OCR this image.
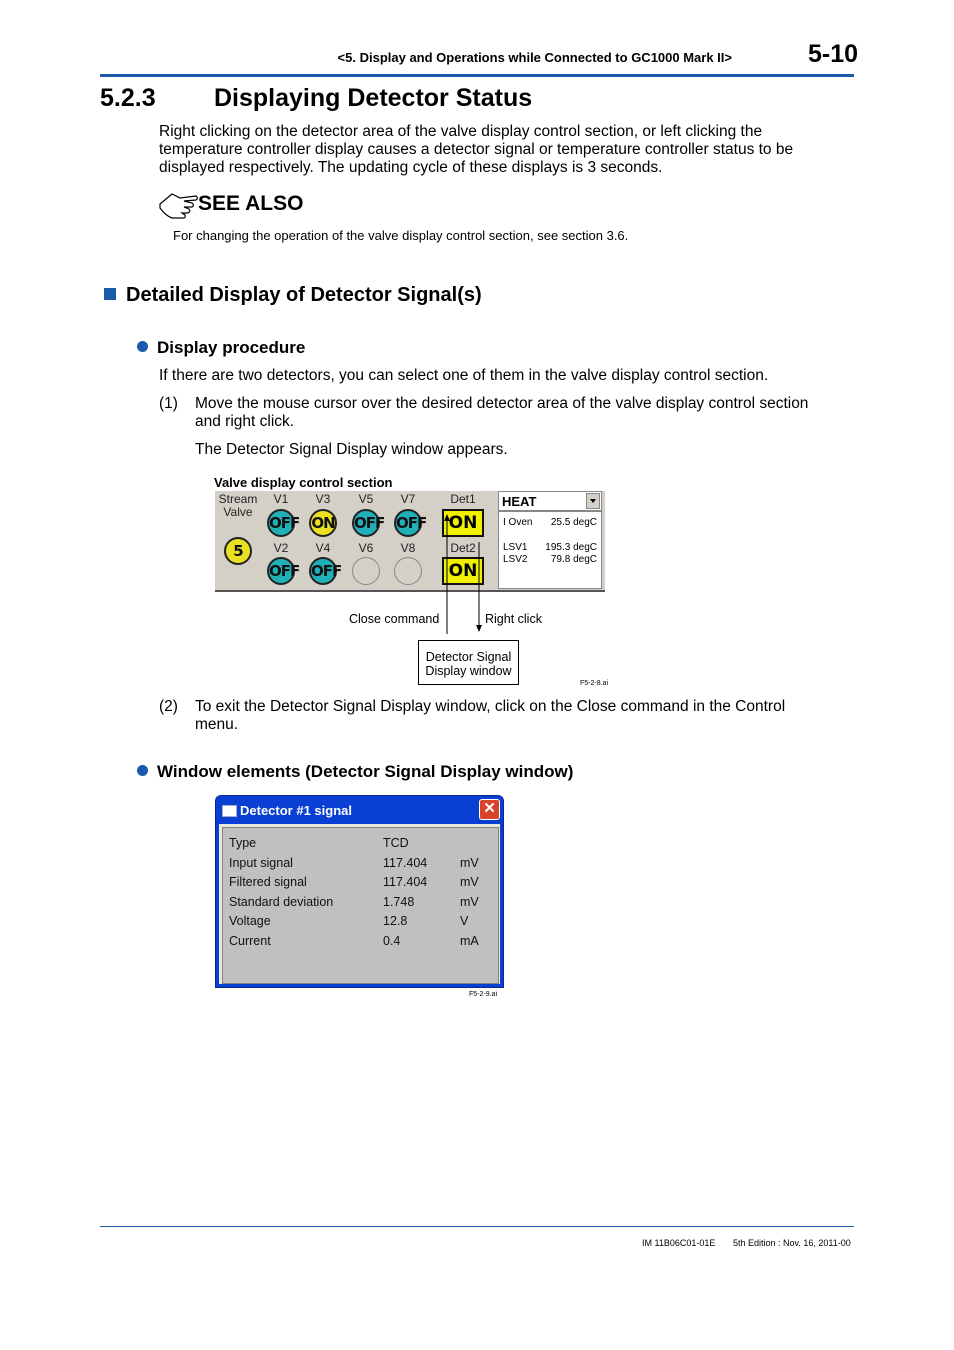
<5. Display and Operations while Connected to GC1000 Mark II>	5-10
5.2.3 Displaying Detector Status
Right clicking on the detector area of the valve display control section, or left clicking the
temperature controller display causes a detector signal or temperature controller status to be
displayed respectively. The updating cycle of these displays is 3 seconds.
SEE ALSO
For changing the operation of the valve display control section, see section 3.6.
Detailed Display of Detector Signal(s)
Display procedure
If there are two detectors, you can select one of them in the valve display control section.
(1) Move the mouse cursor over the desired detector area of the valve display control section
and right click.
The Detector Signal Display window appears.
Valve display control section
Stream
Valve
5
V1
OFF
V3
ON
V5
OFF
V7
OFF
V2
OFF
V4
OFF
V6	V8
Det1
ON
Det2
ON
HEAT
I Oven 25.5 degC
LSV1 195.3 degC
LSV2 79.8 degC
Close command	Right click
Detector Signal
Display window
F5-2-8.ai
(2) To exit the Detector Signal Display window, click on the Close command in the Control
menu.
Window elements (Detector Signal Display window)
Detector #1 signal	✕
Type	TCD
Input signal	117.404	mV
Filtered signal	117.404	mV
Standard deviation	1.748	mV
Voltage	12.8	V
Current	0.4	mA
F5-2-9.ai
IM 11B06C01-01E 5th Edition : Nov. 16, 2011-00
